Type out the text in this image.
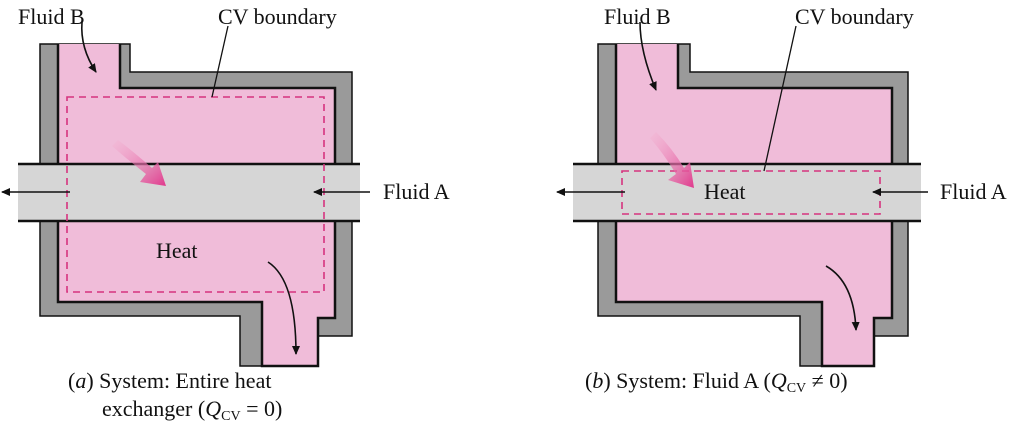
Fluid B	CV boundary
Fluid A
Heat
Fluid B	CV boundary
Fluid A
Heat
(a) System: Entire heat
exchanger $(Q_{CV} = 0)$
(b) System: Fluid A $(Q_{CV} \ne 0)$
